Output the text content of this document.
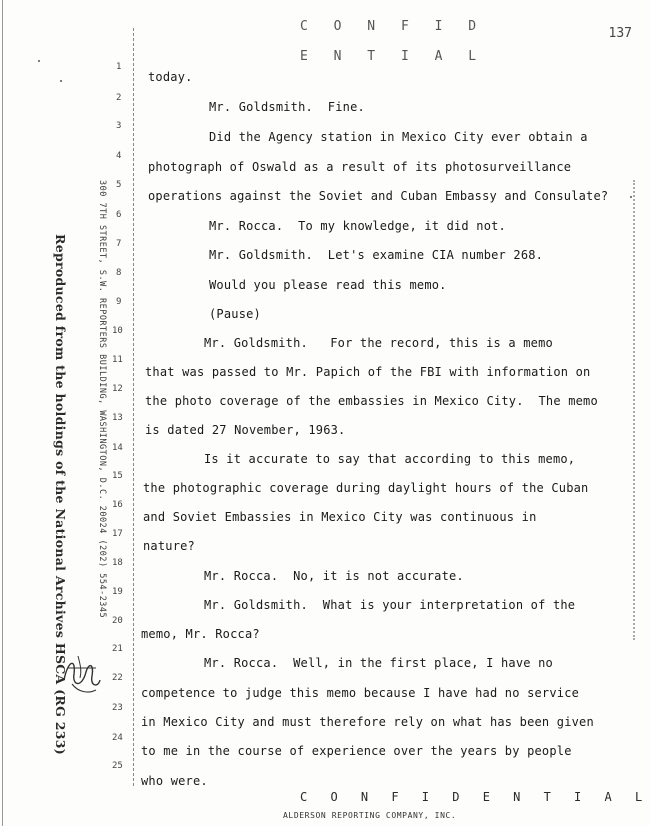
C O N F I D E N T I A L
137
Reproduced from the holdings of the National Archives HSCA (RG 233)	300 7TH STREET, S.W. REPORTERS BUILDING, WASHINGTON, D.C. 20024 (202) 554-2345
1
2
3
4
5
6
7
8
9
10
11
12
13
14
15
16
17
18
19
20
21
22
23
24
25
today.
Mr. Goldsmith.  Fine.
Did the Agency station in Mexico City ever obtain a
photograph of Oswald as a result of its photosurveillance
operations against the Soviet and Cuban Embassy and Consulate?
Mr. Rocca.  To my knowledge, it did not.
Mr. Goldsmith.  Let's examine CIA number 268.
Would you please read this memo.
(Pause)
Mr. Goldsmith.   For the record, this is a memo
that was passed to Mr. Papich of the FBI with information on
the photo coverage of the embassies in Mexico City.  The memo
is dated 27 November, 1963.
Is it accurate to say that according to this memo,
the photographic coverage during daylight hours of the Cuban
and Soviet Embassies in Mexico City was continuous in
nature?
Mr. Rocca.  No, it is not accurate.
Mr. Goldsmith.  What is your interpretation of the
memo, Mr. Rocca?
Mr. Rocca.  Well, in the first place, I have no
competence to judge this memo because I have had no service
in Mexico City and must therefore rely on what has been given
to me in the course of experience over the years by people
who were.
C O N F I D E N T I A L
ALDERSON REPORTING COMPANY, INC.
